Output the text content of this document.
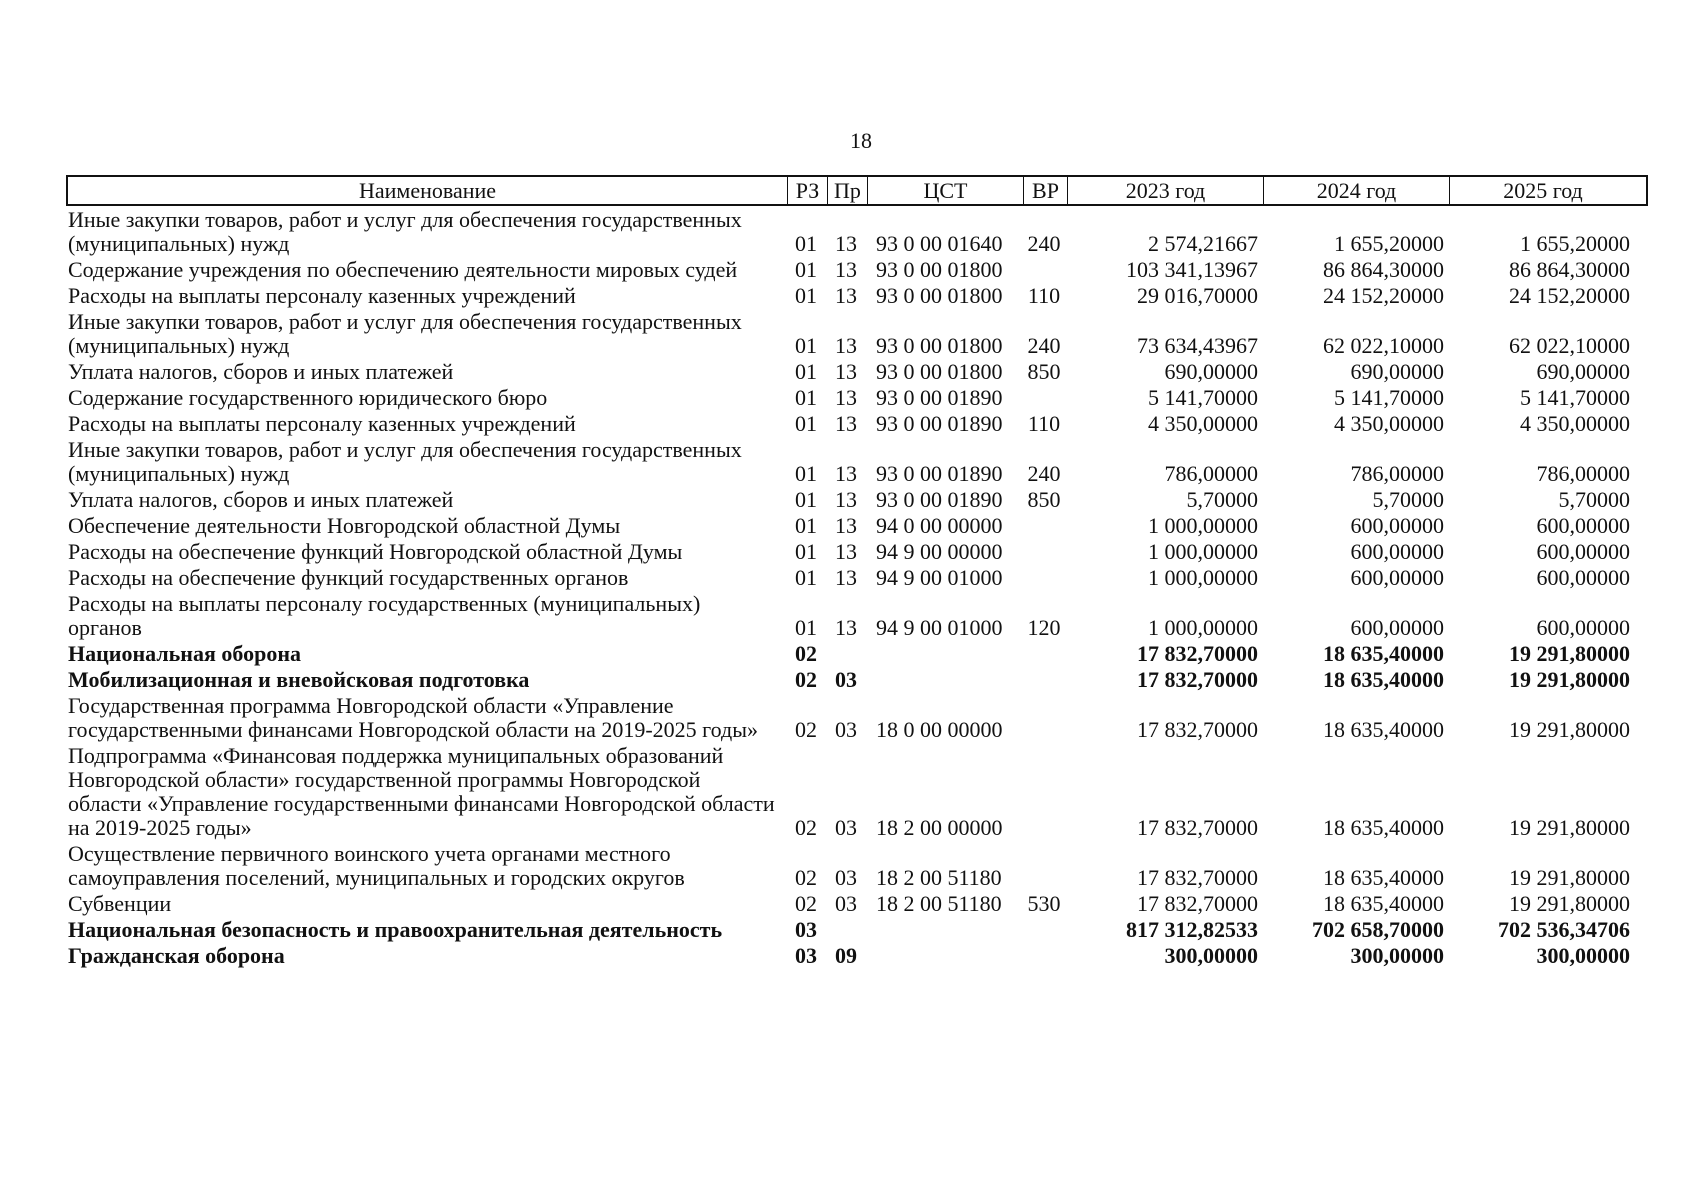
18
Наименование	РЗ Пр	ЦСТ	ВР	2023 год	2024 год	2025 год
Иные закупки товаров, работ и услуг для обеспечения государственных (муниципальных) нужд	01 13 93 0 00 01640	240	2 574,21667	1 655,20000	1 655,20000
Содержание учреждения по обеспечению деятельности мировых судей	01 13 93 0 00 01800	103 341,13967	86 864,30000	86 864,30000
Расходы на выплаты персоналу казенных учреждений	01 13 93 0 00 01800	110	29 016,70000	24 152,20000	24 152,20000
Иные закупки товаров, работ и услуг для обеспечения государственных (муниципальных) нужд	01 13 93 0 00 01800	240	73 634,43967	62 022,10000	62 022,10000
Уплата налогов, сборов и иных платежей	01 13 93 0 00 01800	850	690,00000	690,00000	690,00000
Содержание государственного юридического бюро	01 13 93 0 00 01890	5 141,70000	5 141,70000	5 141,70000
Расходы на выплаты персоналу казенных учреждений	01 13 93 0 00 01890	110	4 350,00000	4 350,00000	4 350,00000
Иные закупки товаров, работ и услуг для обеспечения государственных (муниципальных) нужд	01 13 93 0 00 01890	240	786,00000	786,00000	786,00000
Уплата налогов, сборов и иных платежей	01 13 93 0 00 01890	850	5,70000	5,70000	5,70000
Обеспечение деятельности Новгородской областной Думы	01 13 94 0 00 00000	1 000,00000	600,00000	600,00000
Расходы на обеспечение функций Новгородской областной Думы	01 13 94 9 00 00000	1 000,00000	600,00000	600,00000
Расходы на обеспечение функций государственных органов	01 13 94 9 00 01000	1 000,00000	600,00000	600,00000
Расходы на выплаты персоналу государственных (муниципальных) органов	01 13 94 9 00 01000	120	1 000,00000	600,00000	600,00000
Национальная оборона	02	17 832,70000	18 635,40000	19 291,80000
Мобилизационная и вневойсковая подготовка	02 03	17 832,70000	18 635,40000	19 291,80000
Государственная программа Новгородской области «Управление государственными финансами Новгородской области на 2019-2025 годы»	02 03 18 0 00 00000	17 832,70000	18 635,40000	19 291,80000
Подпрограмма «Финансовая поддержка муниципальных образований Новгородской области» государственной программы Новгородской области «Управление государственными финансами Новгородской области на 2019-2025 годы»	02 03 18 2 00 00000	17 832,70000	18 635,40000	19 291,80000
Осуществление первичного воинского учета органами местного самоуправления поселений, муниципальных и городских округов	02 03 18 2 00 51180	17 832,70000	18 635,40000	19 291,80000
Субвенции	02 03 18 2 00 51180	530	17 832,70000	18 635,40000	19 291,80000
Национальная безопасность и правоохранительная деятельность	03	817 312,82533	702 658,70000	702 536,34706
Гражданская оборона	03 09	300,00000	300,00000	300,00000
